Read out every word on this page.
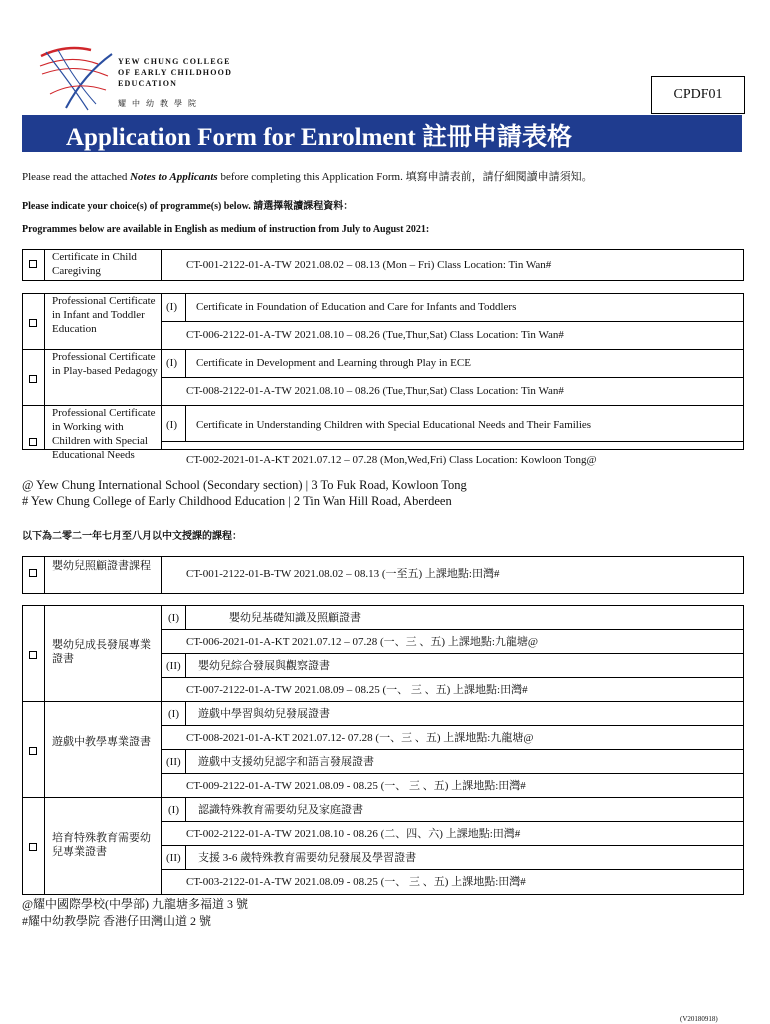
YEW CHUNG COLLEGE
OF EARLY CHILDHOOD
EDUCATION
耀 中 幼 教 學 院
CPDF01
Application Form for Enrolment 註冊申請表格
Please read the attached Notes to Applicants before completing this Application Form. 填寫申請表前，請仔細閱讀申請須知。
Please indicate your choice(s) of programme(s) below. 請選擇報讀課程資料：
Programmes below are available in English as medium of instruction from July to August 2021:
Certificate in Child Caregiving	CT-001-2122-01-A-TW 2021.08.02 – 08.13 (Mon – Fri) Class Location: Tin Wan#
Professional Certificate in Infant and Toddler Education
(I) Certificate in Foundation of Education and Care for Infants and Toddlers
CT-006-2122-01-A-TW 2021.08.10 – 08.26 (Tue,Thur,Sat) Class Location: Tin Wan#
Professional Certificate in Play-based Pedagogy
(I) Certificate in Development and Learning through Play in ECE
CT-008-2122-01-A-TW 2021.08.10 – 08.26 (Tue,Thur,Sat) Class Location: Tin Wan#
Professional Certificate in Working with Children with Special Educational Needs
(I) Certificate in Understanding Children with Special Educational Needs and Their Families
CT-002-2021-01-A-KT 2021.07.12 – 07.28 (Mon,Wed,Fri) Class Location: Kowloon Tong@
@ Yew Chung International School (Secondary section) | 3 To Fuk Road, Kowloon Tong
# Yew Chung College of Early Childhood Education | 2 Tin Wan Hill Road, Aberdeen
以下為二零二一年七月至八月以中文授課的課程：
嬰幼兒照顧證書課程
CT-001-2122-01-B-TW 2021.08.02 – 08.13 (一至五) 上課地點:田灣#
嬰幼兒成長發展專業證書
(I)	嬰幼兒基礎知識及照顧證書
CT-006-2021-01-A-KT 2021.07.12 – 07.28 (一、三 、五) 上課地點:九龍塘@
(II) 嬰幼兒綜合發展與觀察證書
CT-007-2122-01-A-TW 2021.08.09 – 08.25 (一、 三 、五) 上課地點:田灣#
遊戲中教學專業證書
(I) 遊戲中學習與幼兒發展證書
CT-008-2021-01-A-KT 2021.07.12- 07.28 (一、三 、五) 上課地點:九龍塘@
(II) 遊戲中支援幼兒認字和語言發展證書
CT-009-2122-01-A-TW 2021.08.09 - 08.25 (一、 三 、五) 上課地點:田灣#
培育特殊教育需要幼兒專業證書
(I) 認識特殊教育需要幼兒及家庭證書
CT-002-2122-01-A-TW 2021.08.10 - 08.26 (二、四、六) 上課地點:田灣#
(II) 支援 3-6 歲特殊教育需要幼兒發展及學習證書
CT-003-2122-01-A-TW 2021.08.09 - 08.25 (一、 三 、五) 上課地點:田灣#
@耀中國際學校(中學部) 九龍塘多福道 3 號
#耀中幼教學院 香港仔田灣山道 2 號
(V20180918)
